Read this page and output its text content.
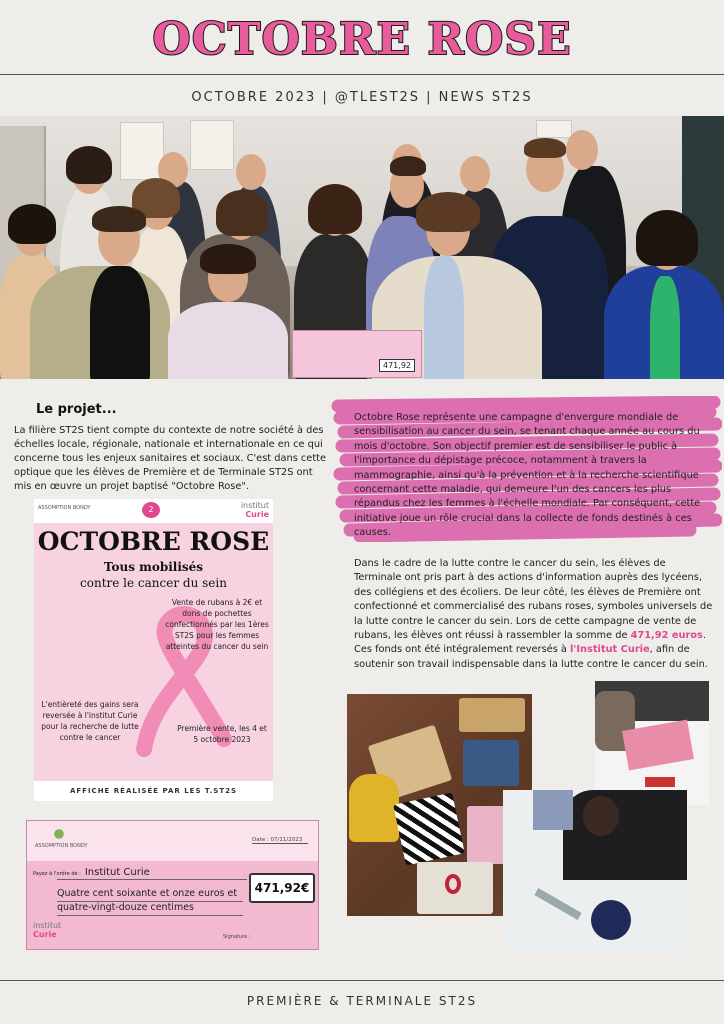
OCTOBRE ROSE
OCTOBRE 2023 | @TLEST2S | NEWS ST2S
471,92
Le projet...
La filière ST2S tient compte du contexte de notre société à des échelles locale, régionale, nationale et internationale en ce qui concerne tous les enjeux sanitaires et sociaux. C'est dans cette optique que les élèves de Première et de Terminale ST2S ont mis en œuvre un projet baptisé "Octobre Rose".
Octobre Rose représente une campagne d'envergure mondiale de sensibilisation au cancer du sein, se tenant chaque année au cours du mois d'octobre. Son objectif premier est de sensibiliser le public à l'importance du dépistage précoce, notamment à travers la mammographie, ainsi qu'à la prévention et à la recherche scientifique concernant cette maladie, qui demeure l'un des cancers les plus répandus chez les femmes à l'échelle mondiale. Par conséquent, cette initiative joue un rôle crucial dans la collecte de fonds destinés à ces causes.
Dans le cadre de la lutte contre le cancer du sein, les élèves de Terminale ont pris part à des actions d'information auprès des lycéens, des collégiens et des écoliers. De leur côté, les élèves de Première ont confectionné et commercialisé des rubans roses, symboles universels de la lutte contre le cancer du sein. Lors de cette campagne de vente de rubans, les élèves ont réussi à rassembler la somme de 471,92 euros. Ces fonds ont été intégralement reversés à l'Institut Curie, afin de soutenir son travail indispensable dans la lutte contre le cancer du sein.
ASSOMPTION BONDY	2	institut
Curie
OCTOBRE ROSE
Tous mobilisés
contre le cancer du sein
Vente de rubans à 2€ et dons de pochettes confectionnés par les 1ères ST2S pour les femmes atteintes du cancer du sein
L'entièreté des gains sera reversée à l'institut Curie pour la recherche de lutte contre le cancer
Première vente, les 4 et 5 octobre 2023
AFFICHE RÉALISÉE PAR LES T.ST2S
ASSOMPTION BONDY
Date : 07/11/2023
Payez à l'ordre de : Institut Curie
Quatre cent soixante et onze euros et quatre-vingt-douze centimes
471,92€
institut
Curie	Signature :
PREMIÈRE & TERMINALE ST2S
